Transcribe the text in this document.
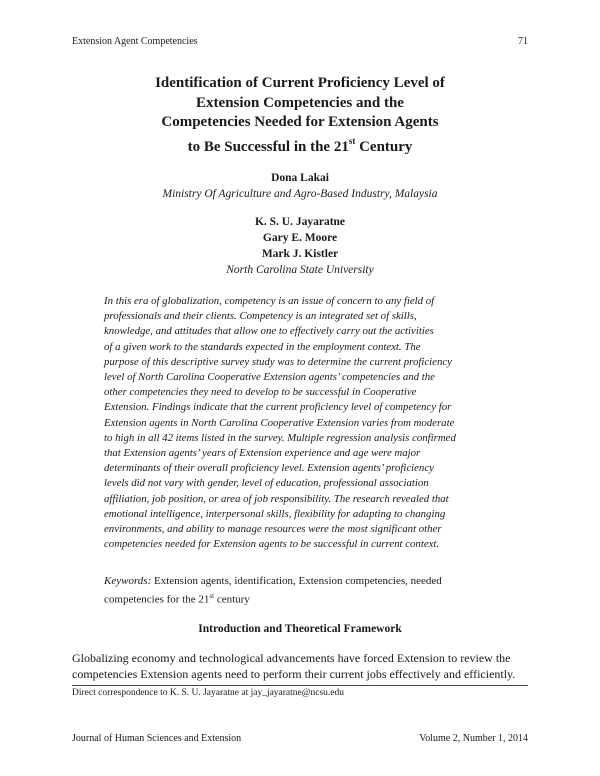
Extension Agent Competencies	71
Identification of Current Proficiency Level of
Extension Competencies and the
Competencies Needed for Extension Agents
to Be Successful in the 21st Century
Dona Lakai
Ministry Of Agriculture and Agro-Based Industry, Malaysia
K. S. U. Jayaratne
Gary E. Moore
Mark J. Kistler
North Carolina State University
In this era of globalization, competency is an issue of concern to any field of
professionals and their clients. Competency is an integrated set of skills,
knowledge, and attitudes that allow one to effectively carry out the activities
of a given work to the standards expected in the employment context. The
purpose of this descriptive survey study was to determine the current proficiency
level of North Carolina Cooperative Extension agents’ competencies and the
other competencies they need to develop to be successful in Cooperative
Extension. Findings indicate that the current proficiency level of competency for
Extension agents in North Carolina Cooperative Extension varies from moderate
to high in all 42 items listed in the survey. Multiple regression analysis confirmed
that Extension agents’ years of Extension experience and age were major
determinants of their overall proficiency level. Extension agents’ proficiency
levels did not vary with gender, level of education, professional association
affiliation, job position, or area of job responsibility. The research revealed that
emotional intelligence, interpersonal skills, flexibility for adapting to changing
environments, and ability to manage resources were the most significant other
competencies needed for Extension agents to be successful in current context.
Keywords: Extension agents, identification, Extension competencies, needed
competencies for the 21st century
Introduction and Theoretical Framework
Globalizing economy and technological advancements have forced Extension to review the
competencies Extension agents need to perform their current jobs effectively and efficiently.
Direct correspondence to K. S. U. Jayaratne at jay_jayaratne@ncsu.edu
Journal of Human Sciences and Extension	Volume 2, Number 1, 2014
